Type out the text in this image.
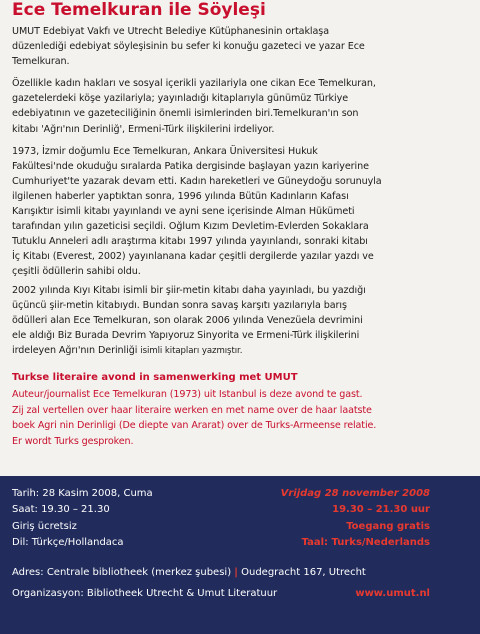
Ece Temelkuran ile Söyleşi
UMUT Edebiyat Vakfı ve Utrecht Belediye Kütüphanesinin ortaklaşa
düzenlediği edebiyat söyleşisinin bu sefer ki konuğu gazeteci ve yazar Ece
Temelkuran.
Özellikle kadın hakları ve sosyal içerikli yazilariyla one cikan Ece Temelkuran,
gazetelerdeki köşe yazilariyla; yayınladığı kitaplarıyla günümüz Türkiye
edebiyatının ve gazeteciliğinin önemli isimlerinden biri.Temelkuran'ın son
kitabı 'Ağrı'nın Derinliğ', Ermeni-Türk ilişkilerini irdeliyor.
1973, İzmir doğumlu Ece Temelkuran, Ankara Üniversitesi Hukuk
Fakültesi'nde okuduğu sıralarda Patika dergisinde başlayan yazın kariyerine
Cumhuriyet'te yazarak devam etti. Kadın hareketleri ve Güneydoğu sorunuyla
ilgilenen haberler yaptıktan sonra, 1996 yılında Bütün Kadınların Kafası
Karışıktır isimli kitabı yayınlandı ve ayni sene içerisinde Alman Hükümeti
tarafından yılın gazeticisi seçildi. Oğlum Kızım Devletim-Evlerden Sokaklara
Tutuklu Anneleri adlı araştırma kitabı 1997 yılında yayınlandı, sonraki kitabı
İç Kitabı (Everest, 2002) yayınlanana kadar çeşitli dergilerde yazılar yazdı ve
çeşitli ödüllerin sahibi oldu.
2002 yılında Kıyı Kitabı isimli bir şiir-metin kitabı daha yayınladı, bu yazdığı
üçüncü şiir-metin kitabıydı. Bundan sonra savaş karşıtı yazılarıyla barış
ödülleri alan Ece Temelkuran, son olarak 2006 yılında Venezüela devrimini
ele aldığı Biz Burada Devrim Yapıyoruz Sinyorita ve Ermeni-Türk ilişkilerini
irdeleyen Ağrı'nın Derinliği isimli kitapları yazmıştır.
Turkse literaire avond in samenwerking met UMUT
Auteur/journalist Ece Temelkuran (1973) uit Istanbul is deze avond te gast.
Zij zal vertellen over haar literaire werken en met name over de haar laatste
boek Agri nin Derinligi (De diepte van Ararat) over de Turks-Armeense relatie.
Er wordt Turks gesproken.
Tarih: 28 Kasim 2008, Cuma
Saat: 19.30 – 21.30
Giriş ücretsiz
Dil: Türkçe/Hollandaca
Vrijdag 28 november 2008
19.30 – 21.30 uur
Toegang gratis
Taal: Turks/Nederlands
Adres: Centrale bibliotheek (merkez şubesi) | Oudegracht 167, Utrecht
Organizasyon: Bibliotheek Utrecht & Umut Literatuur	www.umut.nl
